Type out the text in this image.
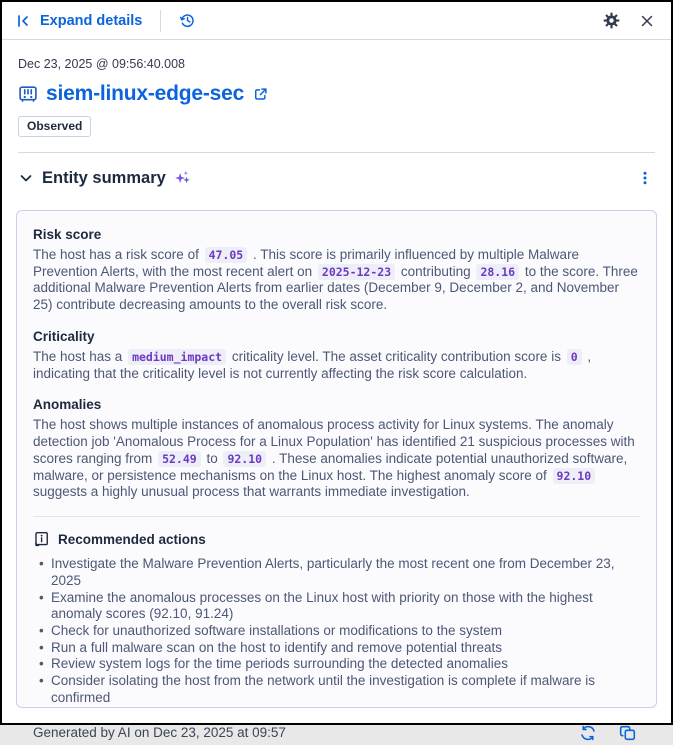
Expand details
Dec 23, 2025 @ 09:56:40.008
siem-linux-edge-sec
Observed
Entity summary
Risk score

The host has a risk score of 47.05 . This score is primarily influenced by multiple Malware Prevention Alerts, with the most recent alert on 2025-12-23 contributing 28.16 to the score. Three additional Malware Prevention Alerts from earlier dates (December 9, December 2, and November 25) contribute decreasing amounts to the overall risk score.

Criticality

The host has a medium_impact criticality level. The asset criticality contribution score is 0 , indicating that the criticality level is not currently affecting the risk score calculation.

Anomalies

The host shows multiple instances of anomalous process activity for Linux systems. The anomaly detection job 'Anomalous Process for a Linux Population' has identified 21 suspicious processes with scores ranging from 52.49 to 92.10 . These anomalies indicate potential unauthorized software, malware, or persistence mechanisms on the Linux host. The highest anomaly score of 92.10 suggests a highly unusual process that warrants immediate investigation.

Recommended actions
• Investigate the Malware Prevention Alerts, particularly the most recent one from December 23, 2025
• Examine the anomalous processes on the Linux host with priority on those with the highest anomaly scores (92.10, 91.24)
• Check for unauthorized software installations or modifications to the system
• Run a full malware scan on the host to identify and remove potential threats
• Review system logs for the time periods surrounding the detected anomalies
• Consider isolating the host from the network until the investigation is complete if malware is confirmed
Generated by AI on Dec 23, 2025 at 09:57
